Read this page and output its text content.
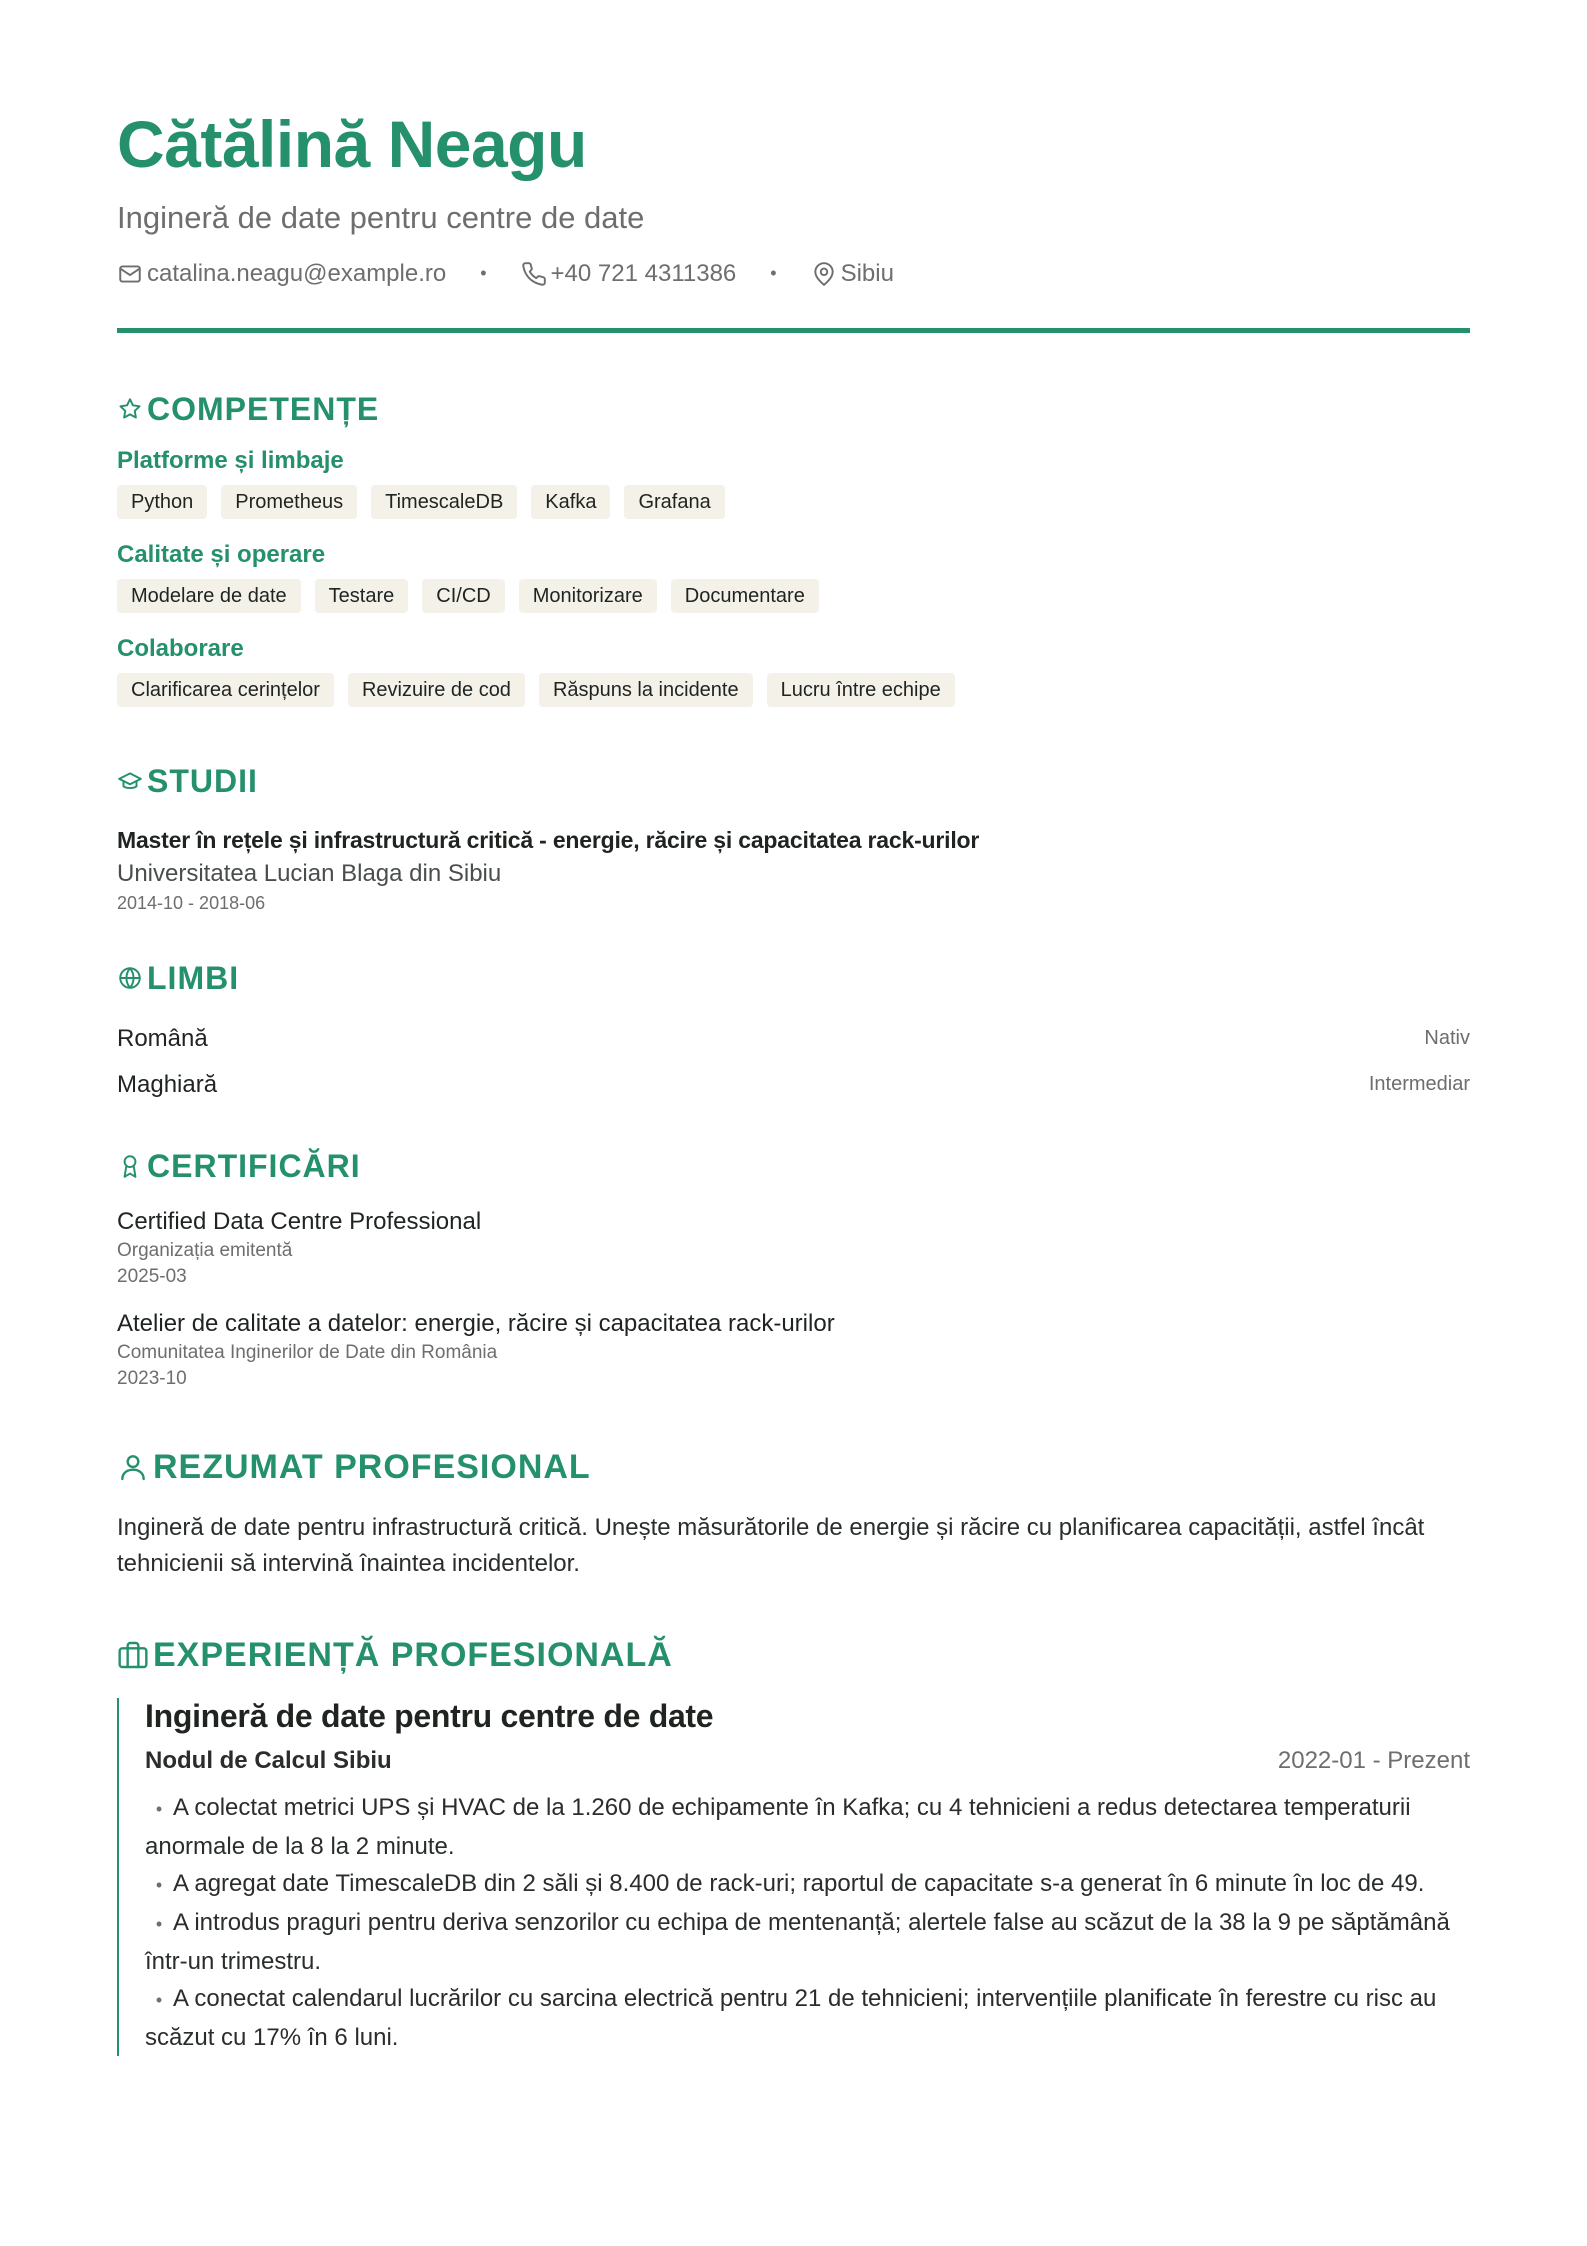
Cătălină Neagu
Ingineră de date pentru centre de date
catalina.neagu@example.ro •	+40 721 4311386 •	Sibiu
COMPETENȚE
Platforme și limbaje
Python	Prometheus	TimescaleDB	Kafka	Grafana
Calitate și operare
Modelare de date	Testare	CI/CD	Monitorizare	Documentare
Colaborare
Clarificarea cerințelor	Revizuire de cod	Răspuns la incidente	Lucru între echipe
STUDII
Master în rețele și infrastructură critică - energie, răcire și capacitatea rack-urilor
Universitatea Lucian Blaga din Sibiu
2014-10 - 2018-06
LIMBI
Română	Nativ
Maghiară	Intermediar
CERTIFICĂRI
Certified Data Centre Professional
Organizația emitentă
2025-03
Atelier de calitate a datelor: energie, răcire și capacitatea rack-urilor
Comunitatea Inginerilor de Date din România
2023-10
REZUMAT PROFESIONAL
Ingineră de date pentru infrastructură critică. Unește măsurătorile de energie și răcire cu planificarea capacității, astfel încât tehnicienii să intervină înaintea incidentelor.
EXPERIENȚĂ PROFESIONALĂ
Ingineră de date pentru centre de date
Nodul de Calcul Sibiu	2022-01 - Prezent
• A colectat metrici UPS și HVAC de la 1.260 de echipamente în Kafka; cu 4 tehnicieni a redus detectarea temperaturii anormale de la 8 la 2 minute.
• A agregat date TimescaleDB din 2 săli și 8.400 de rack-uri; raportul de capacitate s-a generat în 6 minute în loc de 49.
• A introdus praguri pentru deriva senzorilor cu echipa de mentenanță; alertele false au scăzut de la 38 la 9 pe săptămână într-un trimestru.
• A conectat calendarul lucrărilor cu sarcina electrică pentru 21 de tehnicieni; intervențiile planificate în ferestre cu risc au scăzut cu 17% în 6 luni.
